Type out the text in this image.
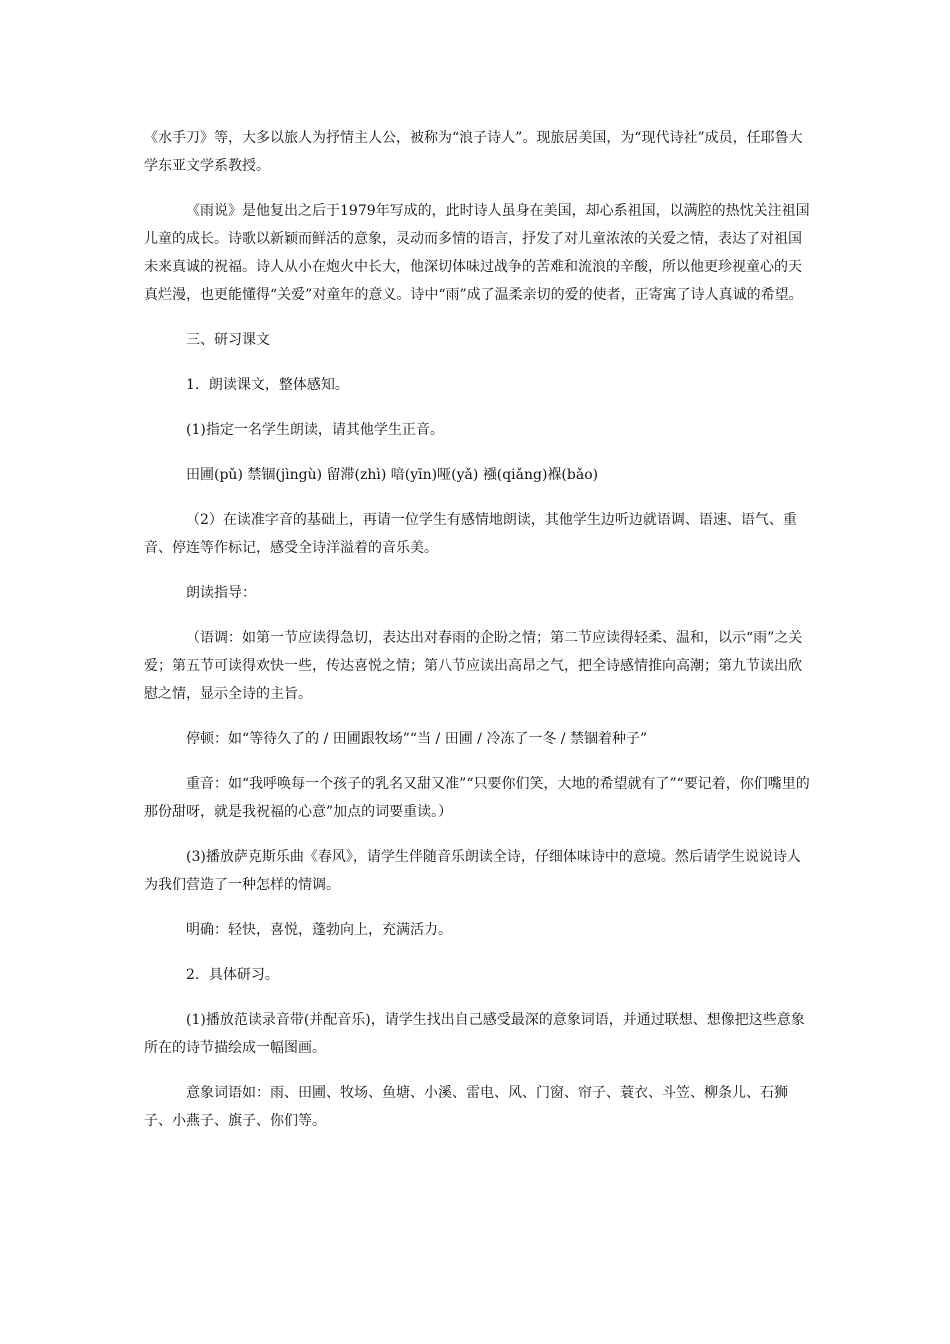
《水手刀》等，大多以旅人为抒情主人公，被称为“浪子诗人”。现旅居美国，为“现代诗社”成员，任耶鲁大学东亚文学系教授。

《雨说》是他复出之后于1979年写成的，此时诗人虽身在美国，却心系祖国，以满腔的热忱关注祖国儿童的成长。诗歌以新颖而鲜活的意象，灵动而多情的语言，抒发了对儿童浓浓的关爱之情，表达了对祖国未来真诚的祝福。诗人从小在炮火中长大，他深切体味过战争的苦难和流浪的辛酸，所以他更珍视童心的天真烂漫，也更能懂得“关爱”对童年的意义。诗中“雨”成了温柔亲切的爱的使者，正寄寓了诗人真诚的希望。

三、研习课文

1．朗读课文，整体感知。

(1)指定一名学生朗读，请其他学生正音。

田圃(pǔ) 禁锢(jìngù) 留滞(zhì) 喑(yīn)哑(yǎ) 襁(qiǎng)褓(bǎo)

（2）在读准字音的基础上，再请一位学生有感情地朗读，其他学生边听边就语调、语速、语气、重音、停连等作标记，感受全诗洋溢着的音乐美。

朗读指导：

（语调：如第一节应读得急切，表达出对春雨的企盼之情；第二节应读得轻柔、温和，以示“雨”之关爱；第五节可读得欢快一些，传达喜悦之情；第八节应读出高昂之气，把全诗感情推向高潮；第九节读出欣慰之情，显示全诗的主旨。

停顿：如“等待久了的 / 田圃跟牧场”“当 / 田圃 / 冷冻了一冬 / 禁锢着种子”

重音：如“我呼唤每一个孩子的乳名又甜又准”“只要你们笑，大地的希望就有了”“要记着，你们嘴里的那份甜呀，就是我祝福的心意”加点的词要重读。）

(3)播放萨克斯乐曲《春风》，请学生伴随音乐朗读全诗，仔细体味诗中的意境。然后请学生说说诗人为我们营造了一种怎样的情调。

明确：轻快，喜悦，蓬勃向上，充满活力。

2．具体研习。

(1)播放范读录音带(并配音乐)，请学生找出自己感受最深的意象词语，并通过联想、想像把这些意象所在的诗节描绘成一幅图画。

意象词语如：雨、田圃、牧场、鱼塘、小溪、雷电、风、门窗、帘子、蓑衣、斗笠、柳条儿、石狮子、小燕子、旗子、你们等。
